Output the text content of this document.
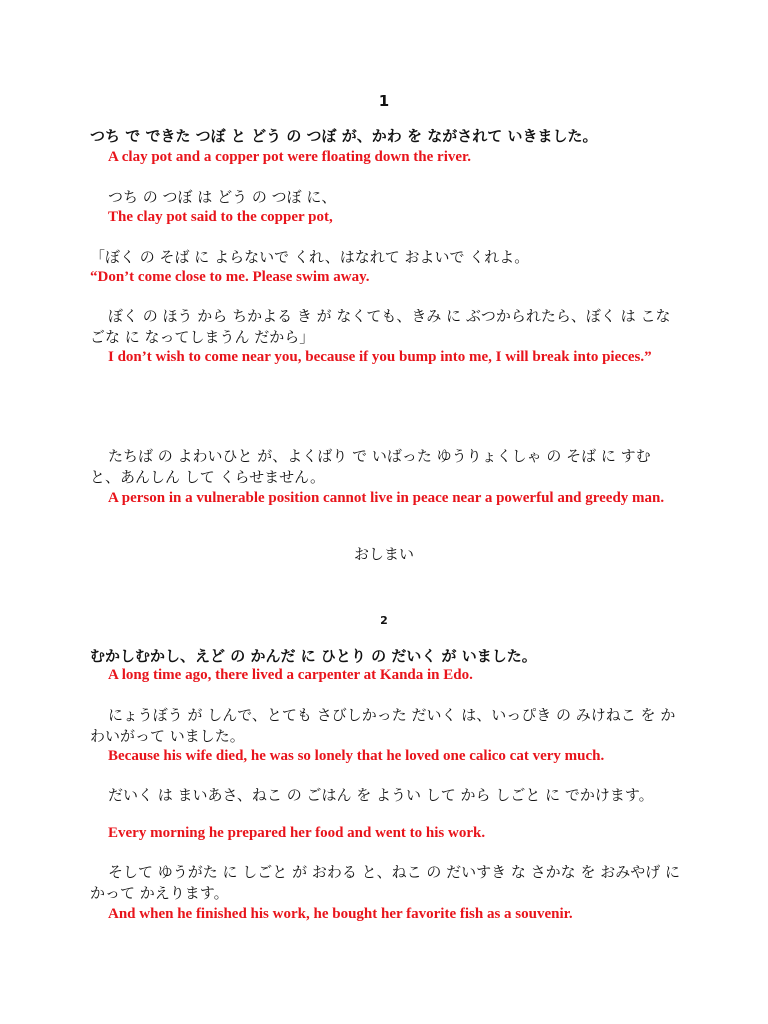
1

つち で できた つぼ と どう の つぼ が、かわ を ながされて いきました。

A clay pot and a copper pot were floating down the river.

つち の つぼ は どう の つぼ に、

The clay pot said to the copper pot,

「ぼく の そば に よらないで くれ、はなれて およいで くれよ。

“Don’t come close to me. Please swim away.

ぼく の ほう から ちかよる き が なくても、きみ に ぶつかられたら、ぼく は こなごな に なってしまうん だから」

I don’t wish to come near you, because if you bump into me, I will break into pieces.”

たちば の よわいひと が、よくばり で いばった ゆうりょくしゃ の そば に すむ と、あんしん して くらせません。

A person in a vulnerable position cannot live in peace near a powerful and greedy man.

おしまい

2

むかしむかし、えど の かんだ に ひとり の だいく が いました。

A long time ago, there lived a carpenter at Kanda in Edo.

にょうぼう が しんで、とても さびしかった だいく は、いっぴき の みけねこ を かわいがって いました。

Because his wife died, he was so lonely that he loved one calico cat very much.

だいく は まいあさ、ねこ の ごはん を ようい して から しごと に でかけます。

Every morning he prepared her food and went to his work.

そして ゆうがた に しごと が おわる と、ねこ の だいすき な さかな を おみやげ に かって かえります。

And when he finished his work, he bought her favorite fish as a souvenir.
